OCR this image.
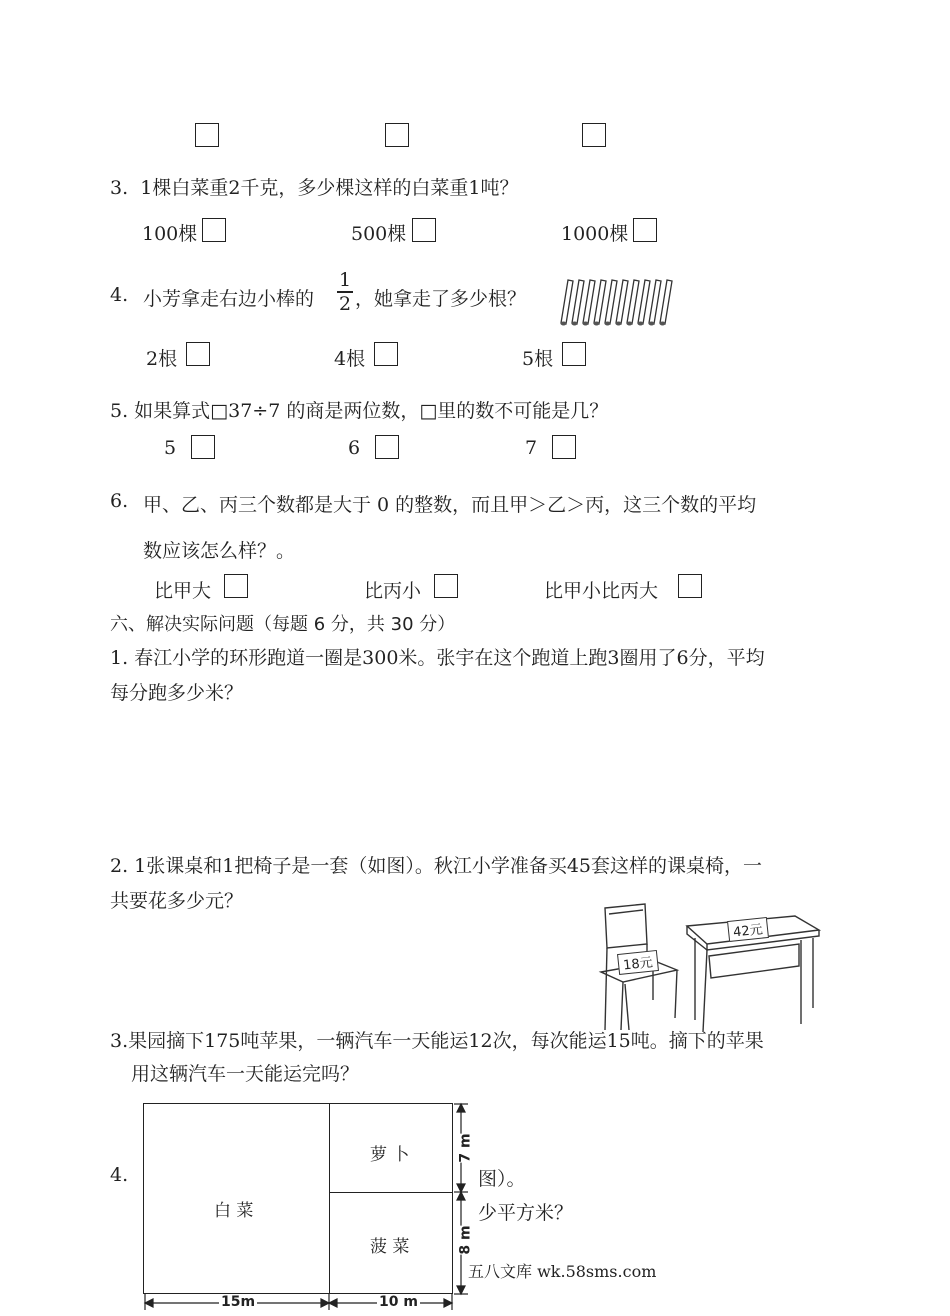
3. 1棵白菜重2千克，多少棵这样的白菜重1吨？
100棵	500棵	1000棵
4. 小芳拿走右边小棒的
1
2 ，她拿走了多少根？
2根	4根	5根
5. 如果算式□37÷7 的商是两位数，□里的数不可能是几？
5	6	7
6. 甲、乙、丙三个数都是大于 0 的整数，而且甲＞乙＞丙，这三个数的平均
数应该怎么样？。
比甲大	比丙小	比甲小比丙大
六、解决实际问题（每题 6 分，共 30 分）
1. 春江小学的环形跑道一圈是300米。张宇在这个跑道上跑3圈用了6分，平均
每分跑多少米？
2. 1张课桌和1把椅子是一套（如图）。秋江小学准备买45套这样的课桌椅，一
共要花多少元？
42元
18元
3.果园摘下175吨苹果，一辆汽车一天能运12次，每次能运15吨。摘下的苹果
用这辆汽车一天能运完吗？
4.	图）。
少平方米？
白 菜
萝 卜
菠 菜
7 m
8 m
15m	10 m
五八文库 wk.58sms.com
